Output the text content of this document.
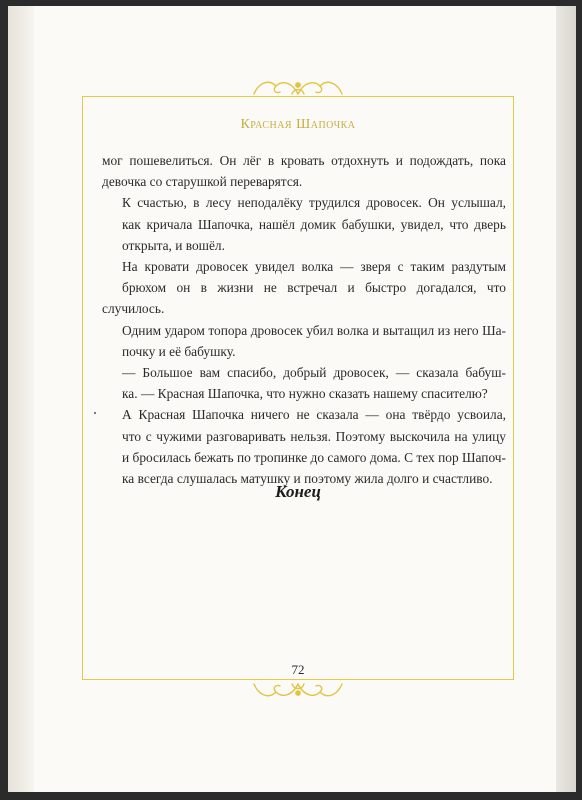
Красная Шапочка

мог пошевелиться. Он лёг в кровать отдохнуть и подождать, пока
девочка со старушкой переварятся.

К счастью, в лесу неподалёку трудился дровосек. Он услышал,
как кричала Шапочка, нашёл домик бабушки, увидел, что дверь
открыта, и вошёл.

На кровати дровосек увидел волка — зверя с таким раздутым
брюхом он в жизни не встречал и быстро догадался, что случилось.
Одним ударом топора дровосек убил волка и вытащил из него Ша-
почку и её бабушку.

— Большое вам спасибо, добрый дровосек, — сказала бабуш-
ка. — Красная Шапочка, что нужно сказать нашему спасителю?

А Красная Шапочка ничего не сказала — она твёрдо усвоила,
что с чужими разговаривать нельзя. Поэтому выскочила на улицу
и бросилась бежать по тропинке до самого дома. С тех пор Шапоч-
ка всегда слушалась матушку и поэтому жила долго и счастливо.

Конец
72
